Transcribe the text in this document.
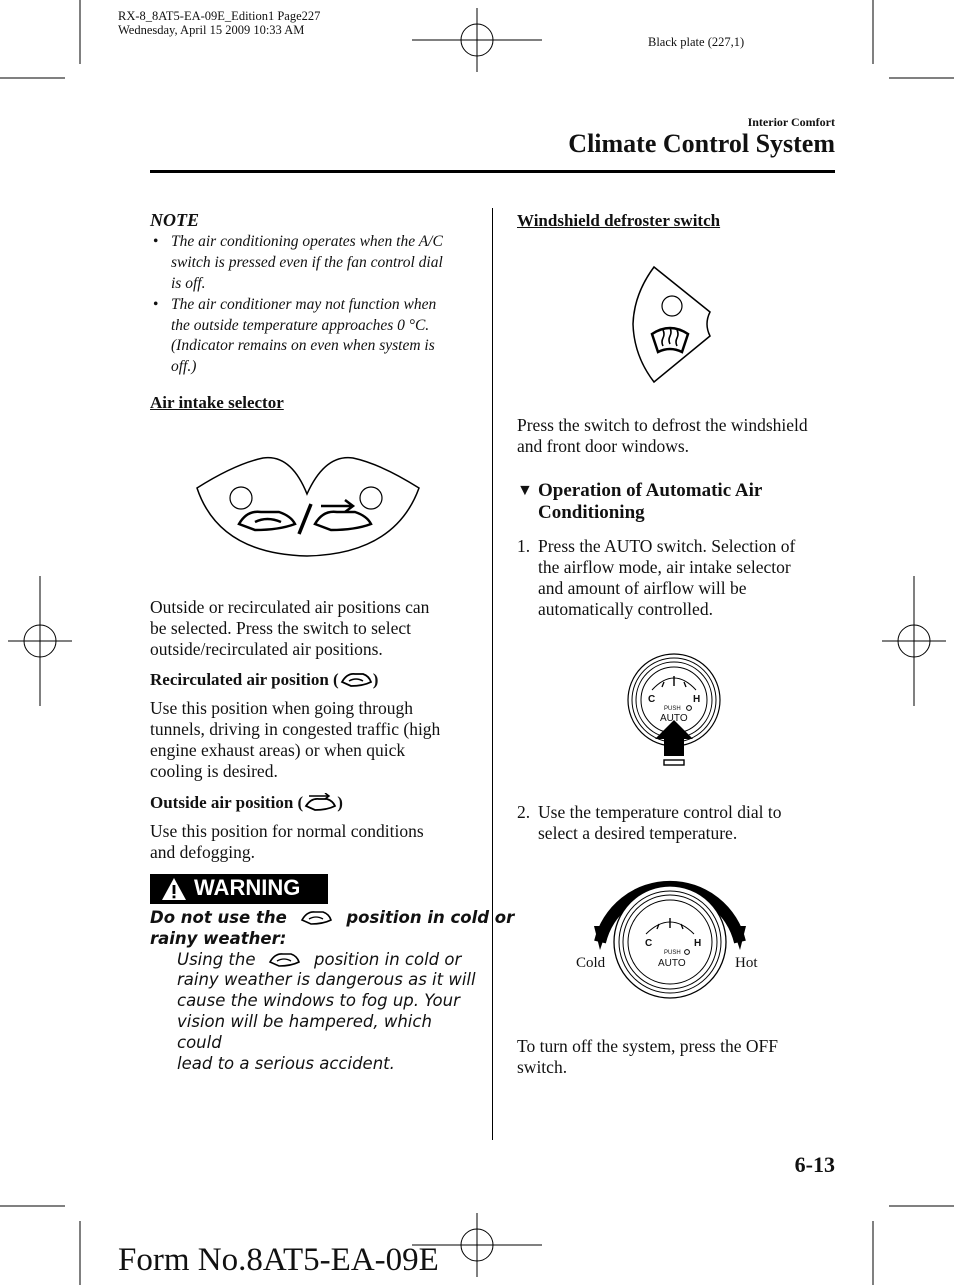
RX-8_8AT5-EA-09E_Edition1 Page227
Wednesday, April 15 2009 10:33 AM
Black plate (227,1)
Interior Comfort
Climate Control System
NOTE
• The air conditioning operates when the A/C
switch is pressed even if the fan control dial
is off.
• The air conditioner may not function when
the outside temperature approaches 0 °C.
(Indicator remains on even when system is
off.)
Air intake selector
Outside or recirculated air positions can
be selected. Press the switch to select
outside/recirculated air positions.
Recirculated air position ( )
Use this position when going through
tunnels, driving in congested traffic (high
engine exhaust areas) or when quick
cooling is desired.
Outside air position ( )
Use this position for normal conditions
and defogging.
WARNING
Do not use the	position in cold or
rainy weather:
Using the	position in cold or
rainy weather is dangerous as it will
cause the windows to fog up. Your
vision will be hampered, which could
lead to a serious accident.
Windshield defroster switch
Press the switch to defrost the windshield
and front door windows.
▼ Operation of Automatic Air
Conditioning
1. Press the AUTO switch. Selection of
the airflow mode, air intake selector
and amount of airflow will be
automatically controlled.
C	H
PUSH
AUTO
2. Use the temperature control dial to
select a desired temperature.
C	H
PUSH
AUTO
Cold	Hot
To turn off the system, press the OFF
switch.
6-13
Form No.8AT5-EA-09E
